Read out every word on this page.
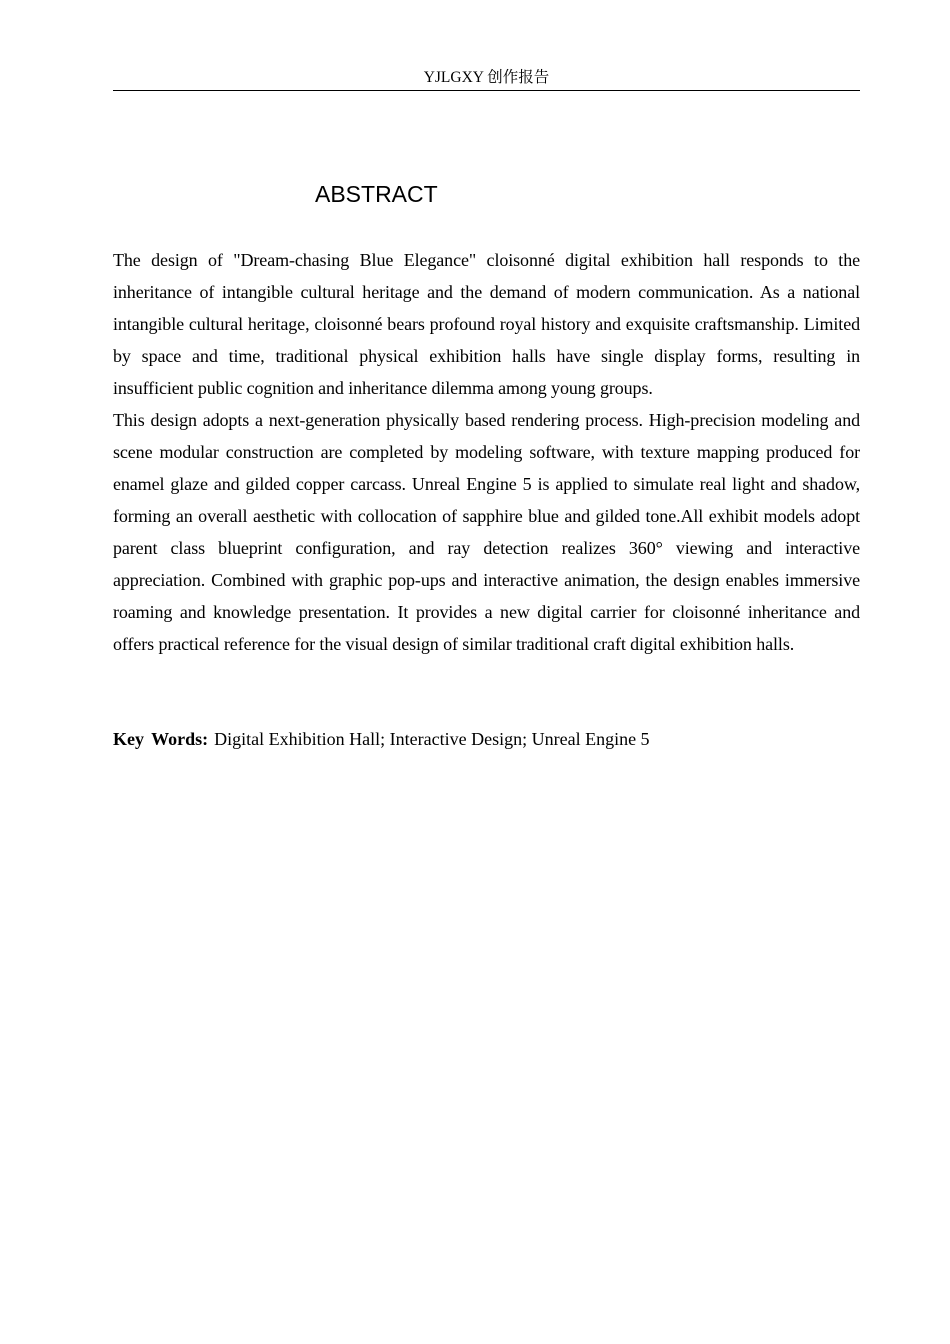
YJLGXY 创作报告
ABSTRACT

The design of "Dream-chasing Blue Elegance" cloisonné digital exhibition hall responds to the inheritance of intangible cultural heritage and the demand of modern communication. As a national intangible cultural heritage, cloisonné bears profound royal history and exquisite craftsmanship. Limited by space and time, traditional physical exhibition halls have single display forms, resulting in insufficient public cognition and inheritance dilemma among young groups.

This design adopts a next-generation physically based rendering process. High-precision modeling and scene modular construction are completed by modeling software, with texture mapping produced for enamel glaze and gilded copper carcass. Unreal Engine 5 is applied to simulate real light and shadow, forming an overall aesthetic with collocation of sapphire blue and gilded tone.All exhibit models adopt parent class blueprint configuration, and ray detection realizes 360° viewing and interactive appreciation. Combined with graphic pop-ups and interactive animation, the design enables immersive roaming and knowledge presentation. It provides a new digital carrier for cloisonné inheritance and offers practical reference for the visual design of similar traditional craft digital exhibition halls.

Key Words: Digital Exhibition Hall; Interactive Design; Unreal Engine 5
